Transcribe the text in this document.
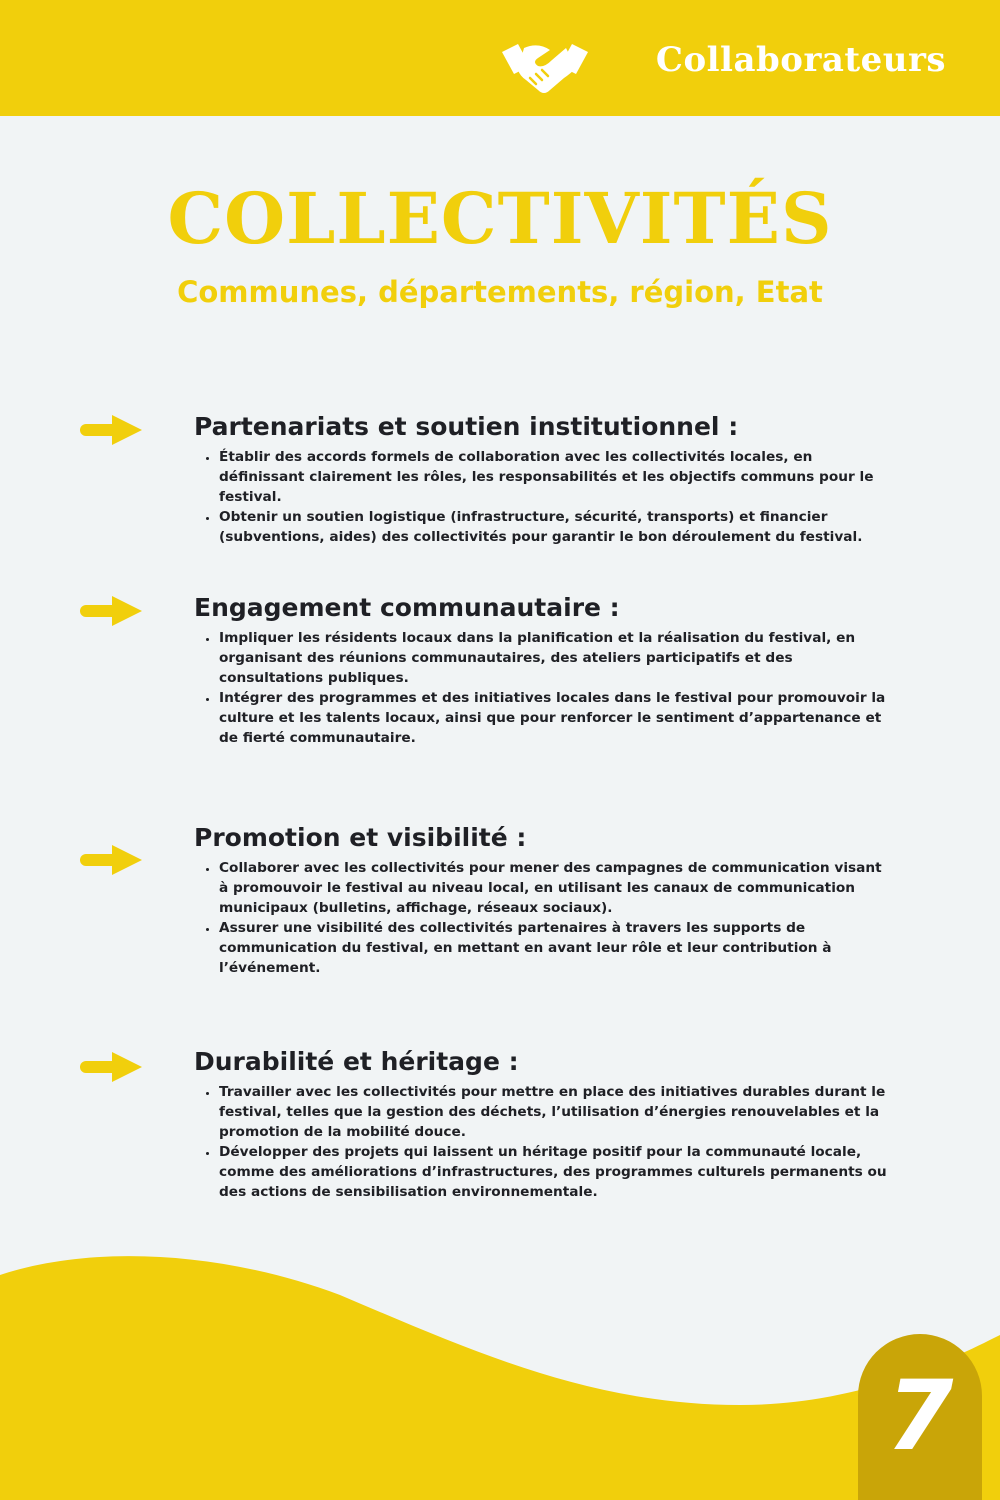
Collaborateurs
COLLECTIVITÉS
Communes, départements, région, Etat
Partenariats et soutien institutionnel :
• Établir des accords formels de collaboration avec les collectivités locales, en définissant clairement les rôles, les responsabilités et les objectifs communs pour le festival.
• Obtenir un soutien logistique (infrastructure, sécurité, transports) et financier (subventions, aides) des collectivités pour garantir le bon déroulement du festival.
Engagement communautaire :
• Impliquer les résidents locaux dans la planification et la réalisation du festival, en organisant des réunions communautaires, des ateliers participatifs et des consultations publiques.
• Intégrer des programmes et des initiatives locales dans le festival pour promouvoir la culture et les talents locaux, ainsi que pour renforcer le sentiment d’appartenance et de fierté communautaire.
Promotion et visibilité :
• Collaborer avec les collectivités pour mener des campagnes de communication visant à promouvoir le festival au niveau local, en utilisant les canaux de communication municipaux (bulletins, affichage, réseaux sociaux).
• Assurer une visibilité des collectivités partenaires à travers les supports de communication du festival, en mettant en avant leur rôle et leur contribution à l’événement.
Durabilité et héritage :
• Travailler avec les collectivités pour mettre en place des initiatives durables durant le festival, telles que la gestion des déchets, l’utilisation d’énergies renouvelables et la promotion de la mobilité douce.
• Développer des projets qui laissent un héritage positif pour la communauté locale, comme des améliorations d’infrastructures, des programmes culturels permanents ou des actions de sensibilisation environnementale.
7
